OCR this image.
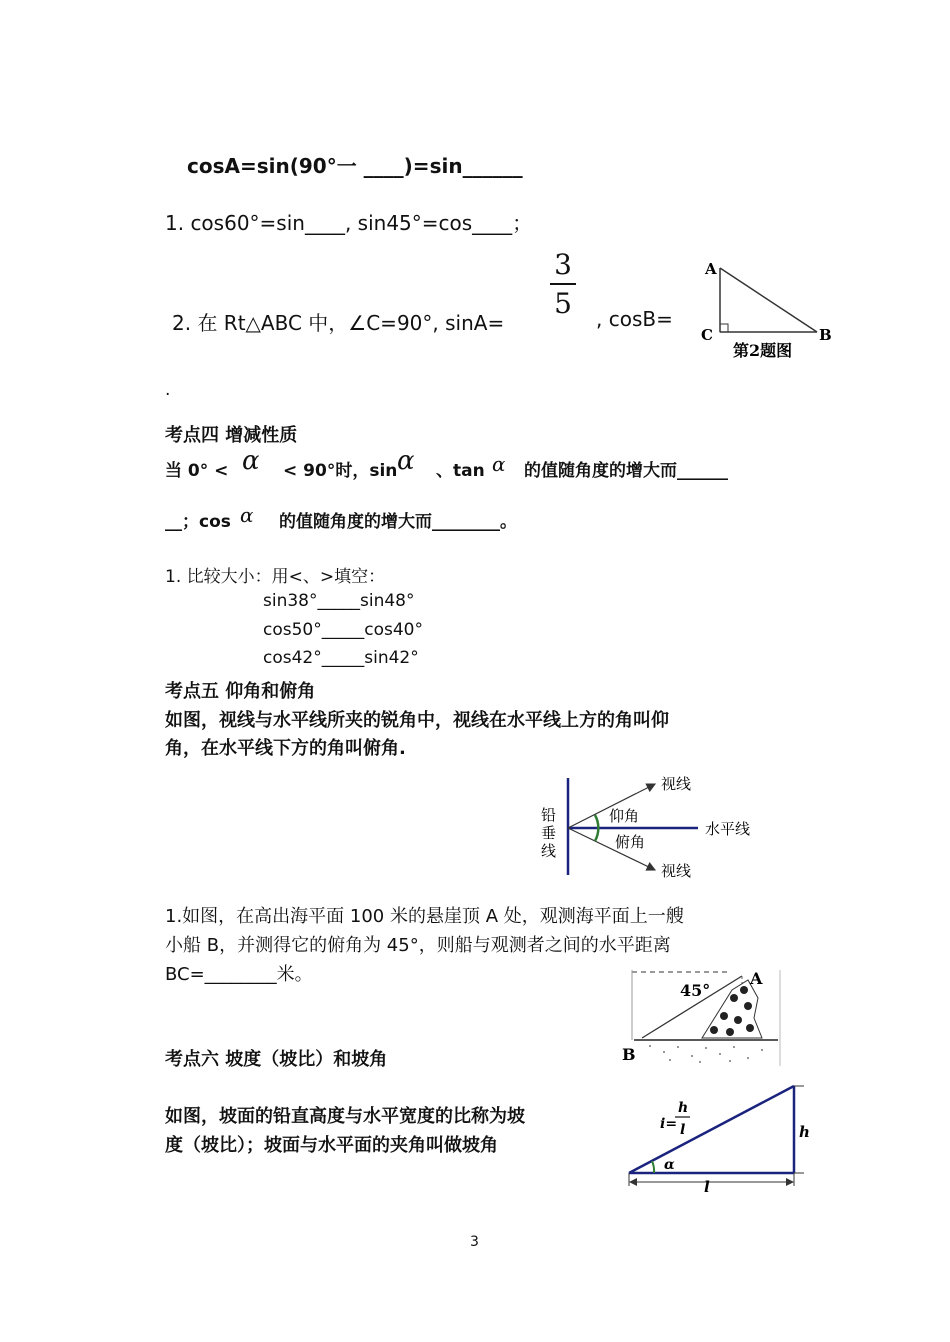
cosA=sin(90°一 ____)=sin______
1. cos60°=sin____, sin45°=cos____；
2. 在 Rt△ABC 中，∠C=90°, sinA=
3
5	, cosB=
A
C	B
第2题图
.
考点四 增减性质
当 0° < α < 90°时，sin α 、tan α 的值随角度的增大而______
__；cos α 的值随角度的增大而________。
1. 比较大小：用<、>填空：
sin38°_____sin48°
cos50°_____cos40°
cos42°_____sin42°
考点五 仰角和俯角
如图，视线与水平线所夹的锐角中，视线在水平线上方的角叫仰
角，在水平线下方的角叫俯角.
铅
垂
线
视线
仰角
水平线
俯角
视线
1.如图，在高出海平面 100 米的悬崖顶 A 处，观测海平面上一艘
小船 B，并测得它的俯角为 45°，则船与观测者之间的水平距离
BC=________米。
45°
A
B
考点六 坡度（坡比）和坡角
如图，坡面的铅直高度与水平宽度的比称为坡
度（坡比）；坡面与水平面的夹角叫做坡角
i=
h
l	h
l
α
3
